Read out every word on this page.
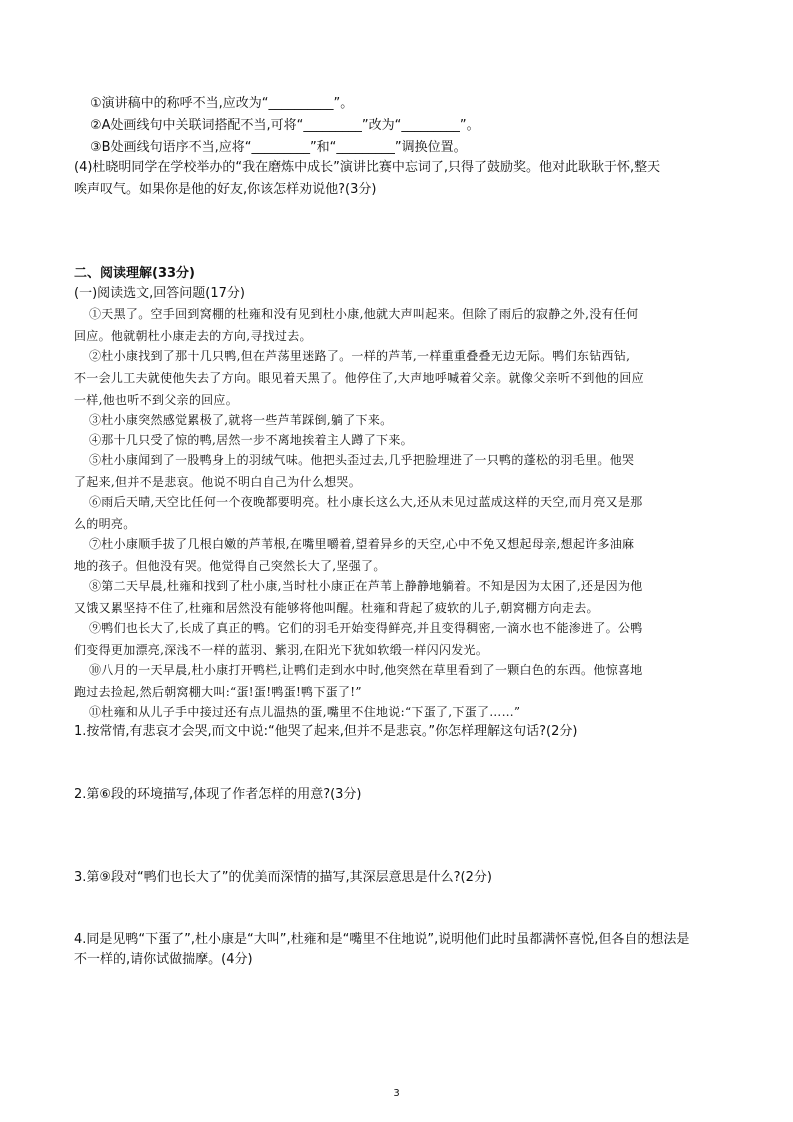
①演讲稿中的称呼不当,应改为“__________”。
②A处画线句中关联词搭配不当,可将“_________”改为“_________”。
③B处画线句语序不当,应将“_________”和“_________”调换位置。
(4)杜晓明同学在学校举办的“我在磨炼中成长”演讲比赛中忘词了,只得了鼓励奖。他对此耿耿于怀,整天
唉声叹气。如果你是他的好友,你该怎样劝说他?(3分)
二、阅读理解(33分)
(一)阅读选文,回答问题(17分)
①天黑了。空手回到窝棚的杜雍和没有见到杜小康,他就大声叫起来。但除了雨后的寂静之外,没有任何
回应。他就朝杜小康走去的方向,寻找过去。
②杜小康找到了那十几只鸭,但在芦荡里迷路了。一样的芦苇,一样重重叠叠无边无际。鸭们东钻西钻,
不一会儿工夫就使他失去了方向。眼见着天黑了。他停住了,大声地呼喊着父亲。就像父亲听不到他的回应
一样,他也听不到父亲的回应。
③杜小康突然感觉累极了,就将一些芦苇踩倒,躺了下来。
④那十几只受了惊的鸭,居然一步不离地挨着主人蹲了下来。
⑤杜小康闻到了一股鸭身上的羽绒气味。他把头歪过去,几乎把脸埋进了一只鸭的蓬松的羽毛里。他哭
了起来,但并不是悲哀。他说不明白自己为什么想哭。
⑥雨后天晴,天空比任何一个夜晚都要明亮。杜小康长这么大,还从未见过蓝成这样的天空,而月亮又是那
么的明亮。
⑦杜小康顺手拔了几根白嫩的芦苇根,在嘴里嚼着,望着异乡的天空,心中不免又想起母亲,想起许多油麻
地的孩子。但他没有哭。他觉得自己突然长大了,坚强了。
⑧第二天早晨,杜雍和找到了杜小康,当时杜小康正在芦苇上静静地躺着。不知是因为太困了,还是因为他
又饿又累坚持不住了,杜雍和居然没有能够将他叫醒。杜雍和背起了疲软的儿子,朝窝棚方向走去。
⑨鸭们也长大了,长成了真正的鸭。它们的羽毛开始变得鲜亮,并且变得稠密,一滴水也不能渗进了。公鸭
们变得更加漂亮,深浅不一样的蓝羽、紫羽,在阳光下犹如软缎一样闪闪发光。
⑩八月的一天早晨,杜小康打开鸭栏,让鸭们走到水中时,他突然在草里看到了一颗白色的东西。他惊喜地
跑过去捡起,然后朝窝棚大叫:“蛋!蛋!鸭蛋!鸭下蛋了!”
⑪杜雍和从儿子手中接过还有点儿温热的蛋,嘴里不住地说:“下蛋了,下蛋了……”
1.按常情,有悲哀才会哭,而文中说:“他哭了起来,但并不是悲哀。”你怎样理解这句话?(2分)
2.第⑥段的环境描写,体现了作者怎样的用意?(3分)
3.第⑨段对“鸭们也长大了”的优美而深情的描写,其深层意思是什么?(2分)
4.同是见鸭“下蛋了”,杜小康是“大叫”,杜雍和是“嘴里不住地说”,说明他们此时虽都满怀喜悦,但各自的想法是
不一样的,请你试做揣摩。(4分)
3
